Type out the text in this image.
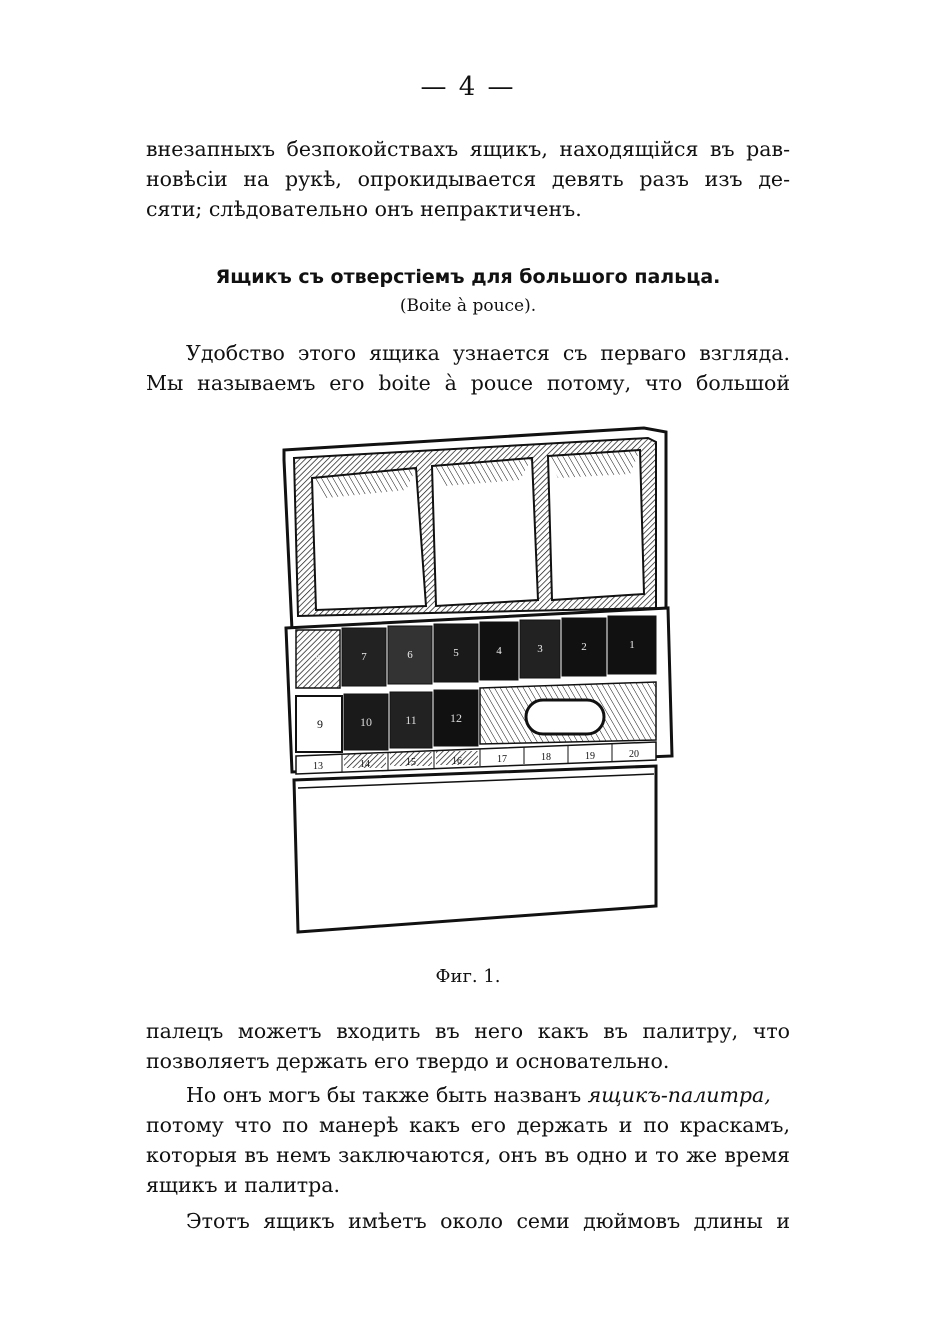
— 4 —

внезапныхъ безпокойствахъ ящикъ, находящійся въ рав-
новѣсіи на рукѣ, опрокидывается девять разъ изъ де-
сяти; слѣдовательно онъ непрактиченъ.

Ящикъ съ отверстіемъ для большого пальца.
(Boite à pouce).

Удобство этого ящика узнается съ перваго взгляда.
Мы называемъ его boite à pouce потому, что большой

8	7	6	5	4	3	2	1
9	10	11	12
13	14	15	16	17	18	19	20
Фиг. 1.

палецъ можетъ входить въ него какъ въ палитру, что
позволяетъ держать его твердо и основательно.

Но онъ могъ бы также быть названъ ящикъ-палитра,
потому что по манерѣ какъ его держать и по краскамъ,
которыя въ немъ заключаются, онъ въ одно и то же время
ящикъ и палитра.

Этотъ ящикъ имѣетъ около семи дюймовъ длины и
